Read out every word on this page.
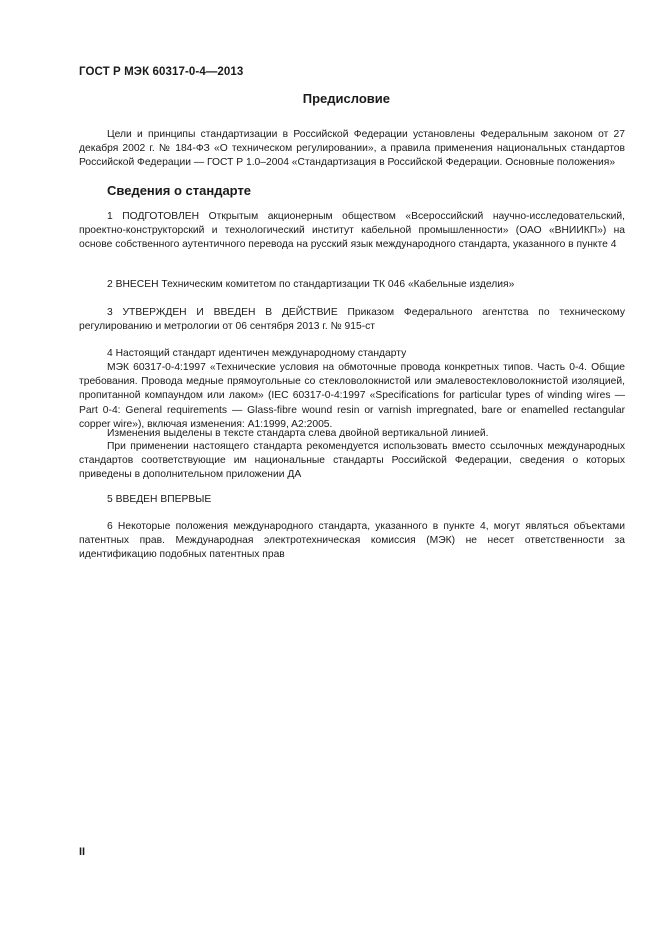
ГОСТ Р МЭК 60317-0-4—2013
Предисловие

Цели и принципы стандартизации в Российской Федерации установлены Федеральным законом от 27 декабря 2002 г. № 184-ФЗ «О техническом регулировании», а правила применения национальных стандартов Российской Федерации — ГОСТ Р 1.0–2004 «Стандартизация в Российской Федерации. Основные положения»

Сведения о стандарте

1 ПОДГОТОВЛЕН Открытым акционерным обществом «Всероссийский научно-исследовательский, проектно-конструкторский и технологический институт кабельной промышленности» (ОАО «ВНИИКП») на основе собственного аутентичного перевода на русский язык международного стандарта, указанного в пункте 4

2 ВНЕСЕН Техническим комитетом по стандартизации ТК 046 «Кабельные изделия»

3 УТВЕРЖДЕН И ВВЕДЕН В ДЕЙСТВИЕ Приказом Федерального агентства по техническому регулированию и метрологии от 06 сентября 2013 г. № 915-ст

4 Настоящий стандарт идентичен международному стандарту

МЭК 60317-0-4:1997 «Технические условия на обмоточные провода конкретных типов. Часть 0-4. Общие требования. Провода медные прямоугольные со стекловолокнистой или эмалевостекловолокнистой изоляцией, пропитанной компаундом или лаком» (IEC 60317-0-4:1997 «Specifications for particular types of winding wires — Part 0-4: General requirements — Glass-fibre wound resin or varnish impregnated, bare or enamelled rectangular copper wire»), включая изменения: A1:1999, A2:2005.

Изменения выделены в тексте стандарта слева двойной вертикальной линией.

При применении настоящего стандарта рекомендуется использовать вместо ссылочных международных стандартов соответствующие им национальные стандарты Российской Федерации, сведения о которых приведены в дополнительном приложении ДА

5 ВВЕДЕН ВПЕРВЫЕ

6 Некоторые положения международного стандарта, указанного в пункте 4, могут являться объектами патентных прав. Международная электротехническая комиссия (МЭК) не несет ответственности за идентификацию подобных патентных прав

II
